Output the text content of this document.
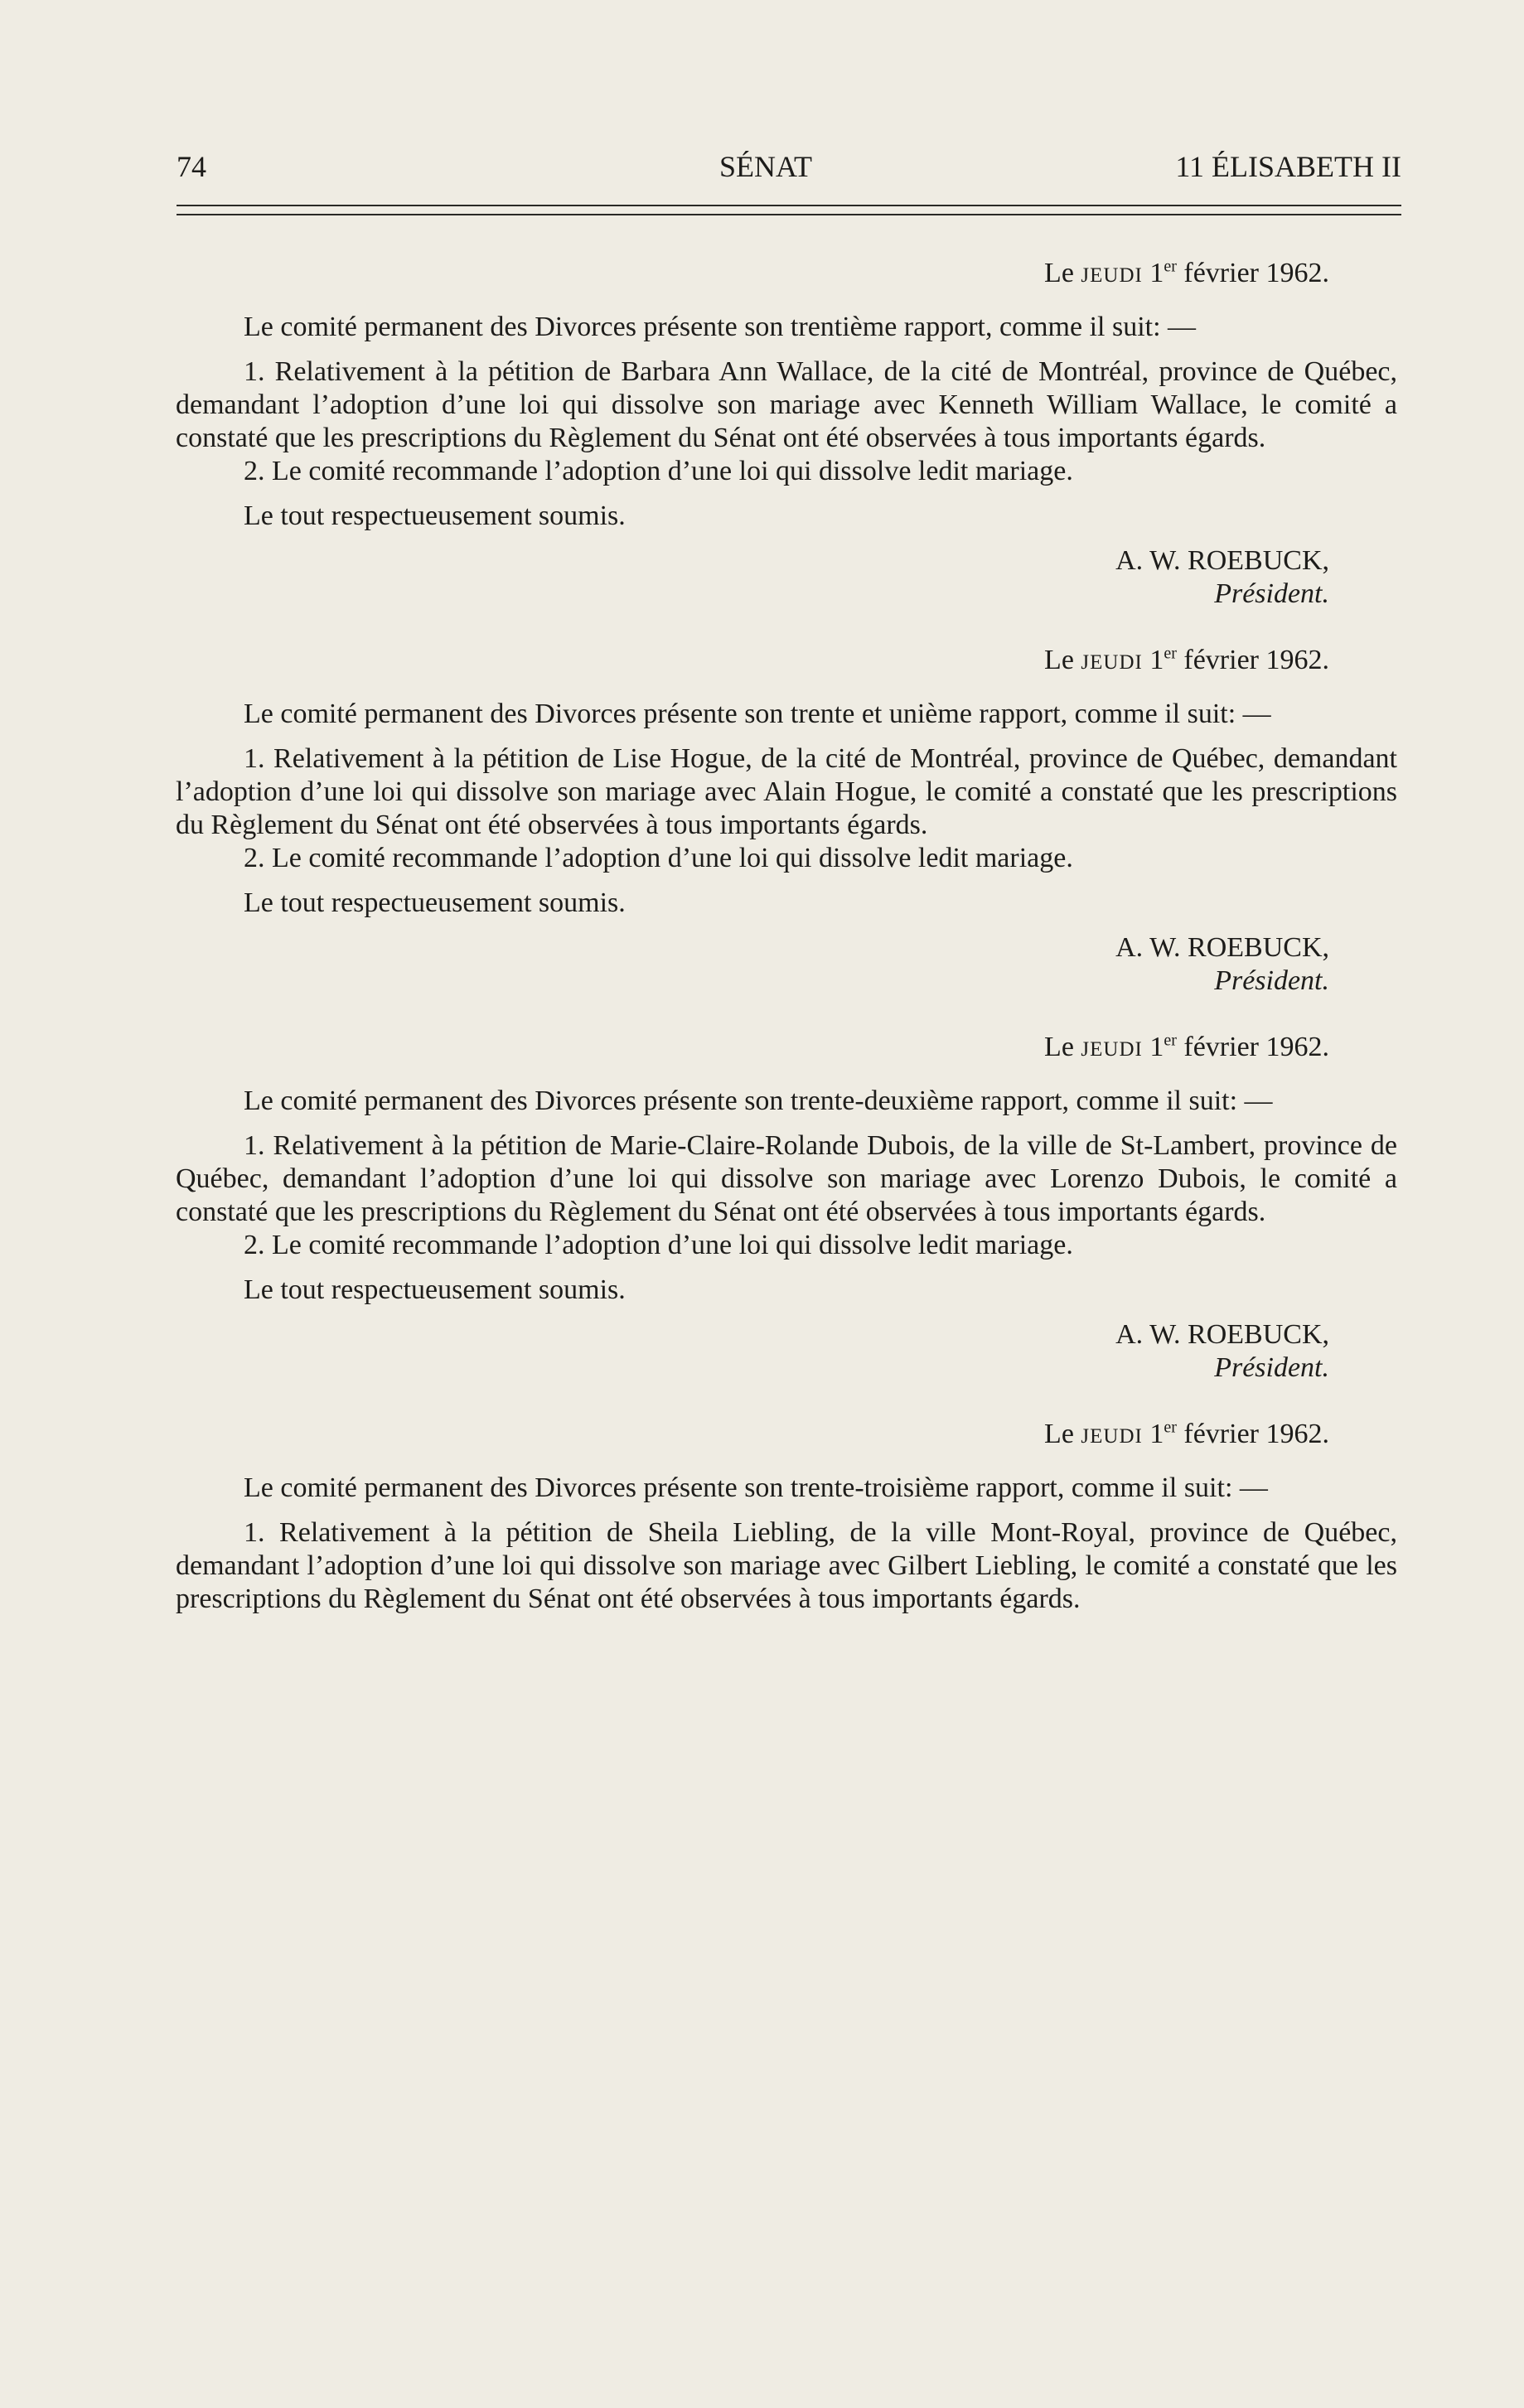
74	SÉNAT	11 ÉLISABETH II

Le JEUDI 1er février 1962.

Le comité permanent des Divorces présente son trentième rapport, comme il suit: —

1. Relativement à la pétition de Barbara Ann Wallace, de la cité de Montréal, province de Québec, demandant l’adoption d’une loi qui dissolve son mariage avec Kenneth William Wallace, le comité a constaté que les prescriptions du Règlement du Sénat ont été observées à tous importants égards.

2. Le comité recommande l’adoption d’une loi qui dissolve ledit mariage.

Le tout respectueusement soumis.

A. W. ROEBUCK,

Président.

Le JEUDI 1er février 1962.

Le comité permanent des Divorces présente son trente et unième rapport, comme il suit: —

1. Relativement à la pétition de Lise Hogue, de la cité de Montréal, province de Québec, demandant l’adoption d’une loi qui dissolve son mariage avec Alain Hogue, le comité a constaté que les prescriptions du Règlement du Sénat ont été observées à tous importants égards.

2. Le comité recommande l’adoption d’une loi qui dissolve ledit mariage.

Le tout respectueusement soumis.

A. W. ROEBUCK,

Président.

Le JEUDI 1er février 1962.

Le comité permanent des Divorces présente son trente-deuxième rapport, comme il suit: —

1. Relativement à la pétition de Marie-Claire-Rolande Dubois, de la ville de St-Lambert, province de Québec, demandant l’adoption d’une loi qui dissolve son mariage avec Lorenzo Dubois, le comité a constaté que les prescriptions du Règlement du Sénat ont été observées à tous importants égards.

2. Le comité recommande l’adoption d’une loi qui dissolve ledit mariage.

Le tout respectueusement soumis.

A. W. ROEBUCK,

Président.

Le JEUDI 1er février 1962.

Le comité permanent des Divorces présente son trente-troisième rapport, comme il suit: —

1. Relativement à la pétition de Sheila Liebling, de la ville Mont-Royal, province de Québec, demandant l’adoption d’une loi qui dissolve son mariage avec Gilbert Liebling, le comité a constaté que les prescriptions du Règlement du Sénat ont été observées à tous importants égards.
